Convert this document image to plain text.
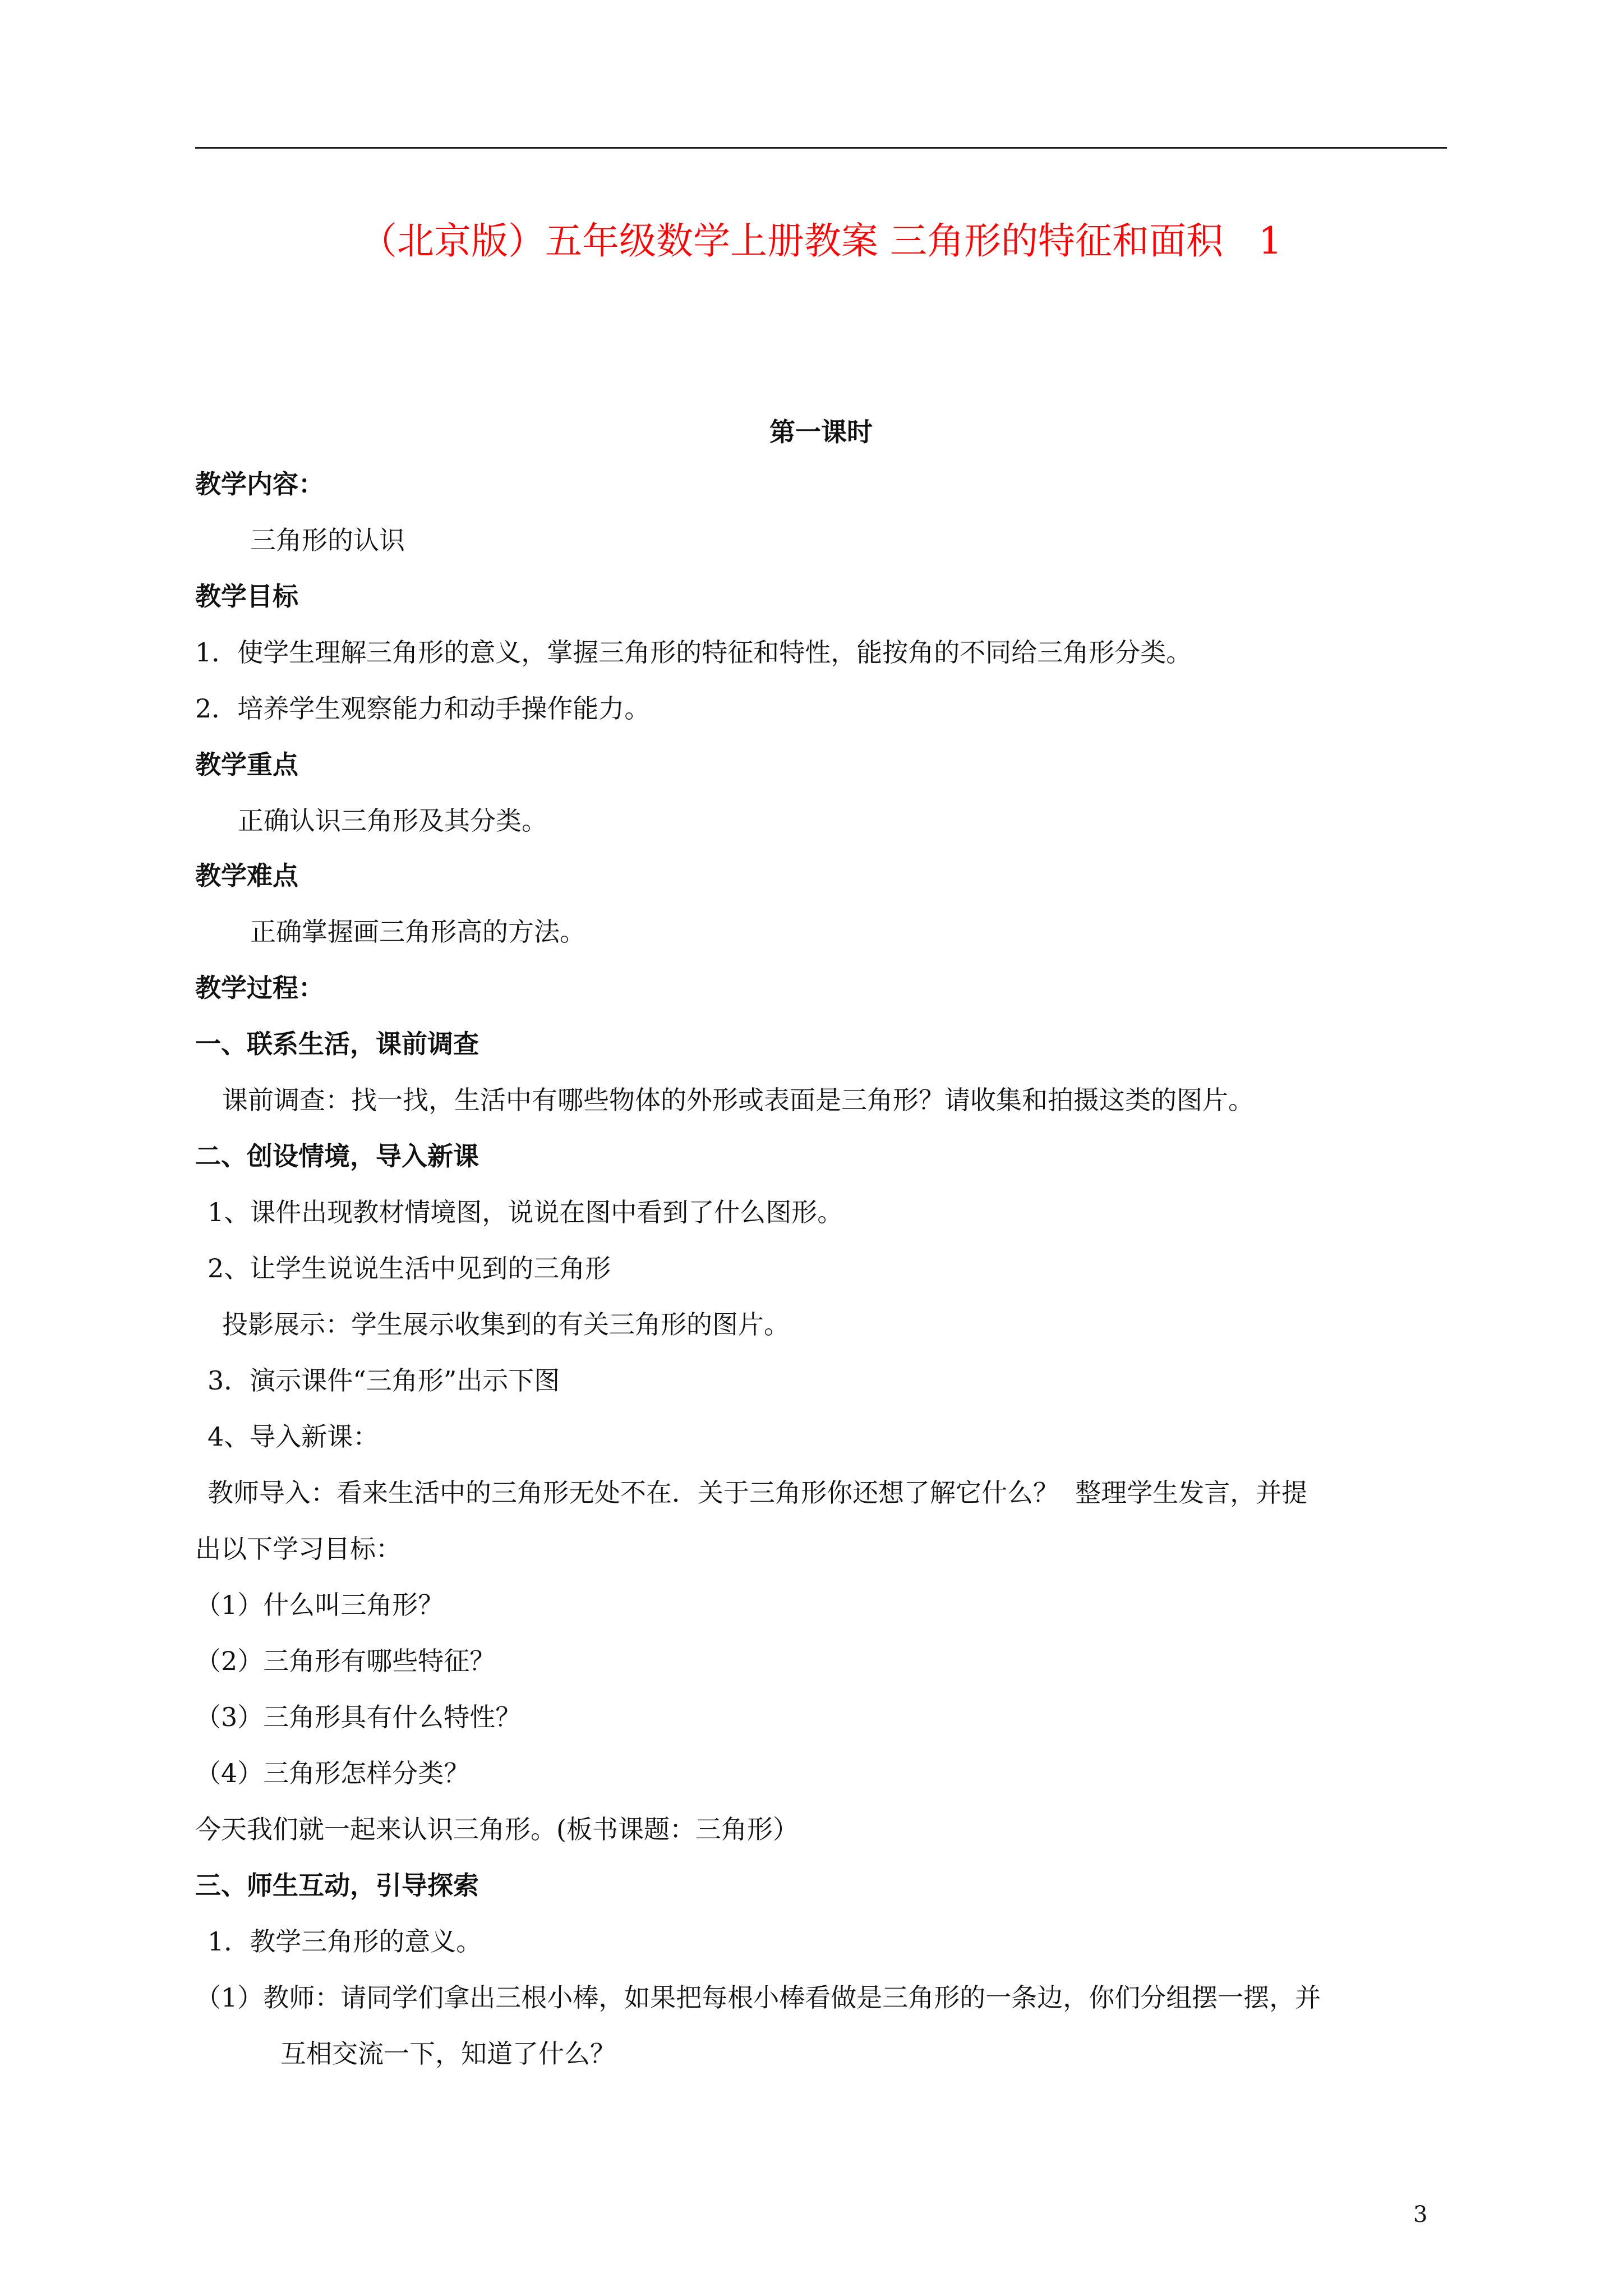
（北京版）五年级数学上册教案 三角形的特征和面积   1
第一课时
教学内容：
三角形的认识
教学目标
1．使学生理解三角形的意义，掌握三角形的特征和特性，能按角的不同给三角形分类。
2．培养学生观察能力和动手操作能力。
教学重点
正确认识三角形及其分类。
教学难点
正确掌握画三角形高的方法。
教学过程：
一、联系生活，课前调查
课前调查：找一找，生活中有哪些物体的外形或表面是三角形？请收集和拍摄这类的图片。
二、创设情境，导入新课
1、课件出现教材情境图，说说在图中看到了什么图形。
2、让学生说说生活中见到的三角形
投影展示：学生展示收集到的有关三角形的图片。
3．演示课件“三角形”出示下图
4、导入新课：
教师导入：看来生活中的三角形无处不在．关于三角形你还想了解它什么？  整理学生发言，并提
出以下学习目标：
（1）什么叫三角形？
（2）三角形有哪些特征？
（3）三角形具有什么特性？
（4）三角形怎样分类？
今天我们就一起来认识三角形。(板书课题：三角形）
三、师生互动，引导探索
1．教学三角形的意义。
（1）教师：请同学们拿出三根小棒，如果把每根小棒看做是三角形的一条边，你们分组摆一摆，并
互相交流一下，知道了什么？
3
